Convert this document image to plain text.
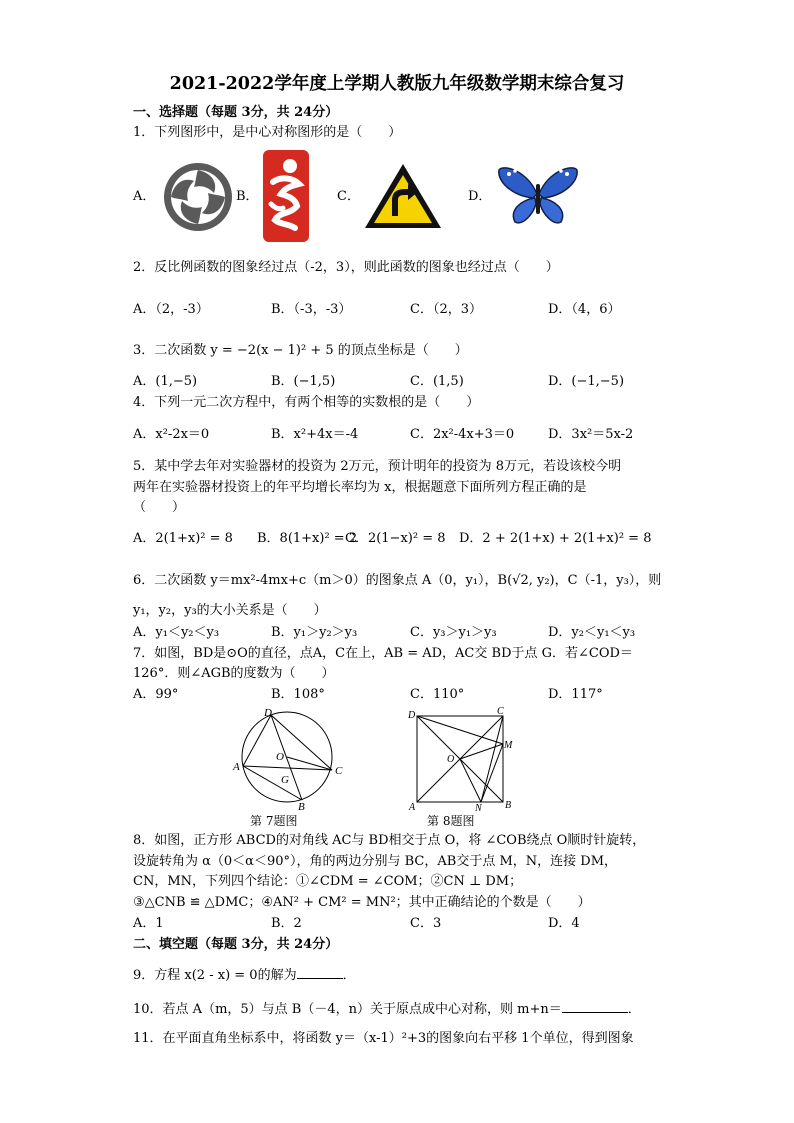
2021-2022学年度上学期人教版九年级数学期末综合复习
一、选择题（每题 3分，共 24分）
1．下列图形中，是中心对称图形的是（　　）
A．	B．	C．	D．
2．反比例函数的图象经过点（-2，3），则此函数的图象也经过点（　　）
A．（2，-3）	B．（-3，-3）	C．（2，3）	D．（4，6）
3．二次函数 y = −2(x − 1)² + 5 的顶点坐标是（　　）
A．(1,−5)	B．(−1,5)	C．(1,5)	D．(−1,−5)
4．下列一元二次方程中，有两个相等的实数根的是（　　）
A．x²-2x＝0	B．x²+4x＝-4	C．2x²-4x+3＝0	D．3x²＝5x-2
5．某中学去年对实验器材的投资为 2万元，预计明年的投资为 8万元，若设该校今明
两年在实验器材投资上的年平均增长率均为 x，根据题意下面所列方程正确的是
（　　）
A．2(1+x)² = 8 B．8(1+x)² = 2
C．2(1−x)² = 8 D．2 + 2(1+x) + 2(1+x)² = 8
6．二次函数 y＝mx²-4mx+c（m＞0）的图象点 A（0，y₁），B(√2, y₂)，C（-1，y₃），则
y₁，y₂，y₃的大小关系是（　　）
A．y₁＜y₂＜y₃	B．y₁＞y₂＞y₃	C．y₃＞y₁＞y₃	D．y₂＜y₁＜y₃
7．如图，BD是⊙O的直径，点A，C在上，AB = AD，AC交 BD于点 G．若∠COD＝
126°．则∠AGB的度数为（　　）
A．99°	B．108°	C．110°	D．117°
D
O
A
G
C
B
第 7题图
D	C
M
O
A	N B
第 8题图
8．如图，正方形 ABCD的对角线 AC与 BD相交于点 O，将 ∠COB绕点 O顺时针旋转，
设旋转角为 α（0＜α＜90°），角的两边分别与 BC，AB交于点 M，N，连接 DM，
CN，MN，下列四个结论：①∠CDM = ∠COM；②CN ⊥ DM；
③△CNB ≌ △DMC；④AN² + CM² = MN²；其中正确结论的个数是（　　）
A．1	B．2	C．3	D．4
二、填空题（每题 3分，共 24分）
9．方程 x(2 - x) = 0的解为	．
10．若点 A（m，5）与点 B（－4，n）关于原点成中心对称，则 m+n＝	．
11．在平面直角坐标系中，将函数 y＝（x-1）²+3的图象向右平移 1个单位，得到图象
